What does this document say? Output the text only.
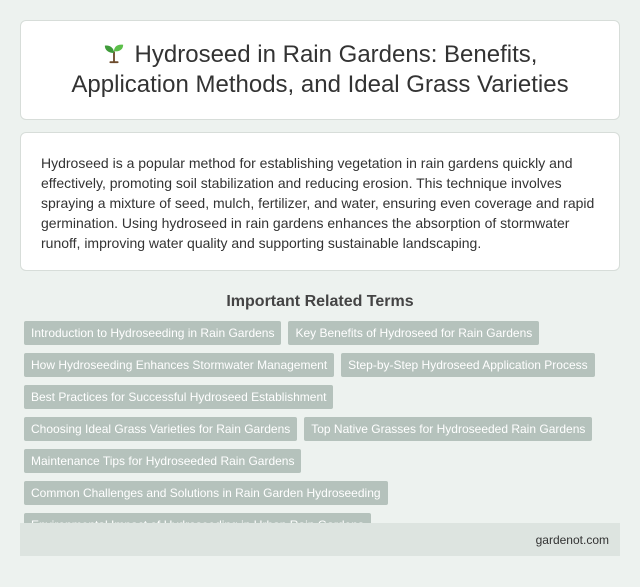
Hydroseed in Rain Gardens: Benefits, Application Methods, and Ideal Grass Varieties

Hydroseed is a popular method for establishing vegetation in rain gardens quickly and effectively, promoting soil stabilization and reducing erosion. This technique involves spraying a mixture of seed, mulch, fertilizer, and water, ensuring even coverage and rapid germination. Using hydroseed in rain gardens enhances the absorption of stormwater runoff, improving water quality and supporting sustainable landscaping.

Important Related Terms
Introduction to Hydroseeding in Rain Gardens	Key Benefits of Hydroseed for Rain Gardens
How Hydroseeding Enhances Stormwater Management	Step-by-Step Hydroseed Application Process
Best Practices for Successful Hydroseed Establishment
Choosing Ideal Grass Varieties for Rain Gardens	Top Native Grasses for Hydroseeded Rain Gardens
Maintenance Tips for Hydroseeded Rain Gardens
Common Challenges and Solutions in Rain Garden Hydroseeding
gardenot.com
